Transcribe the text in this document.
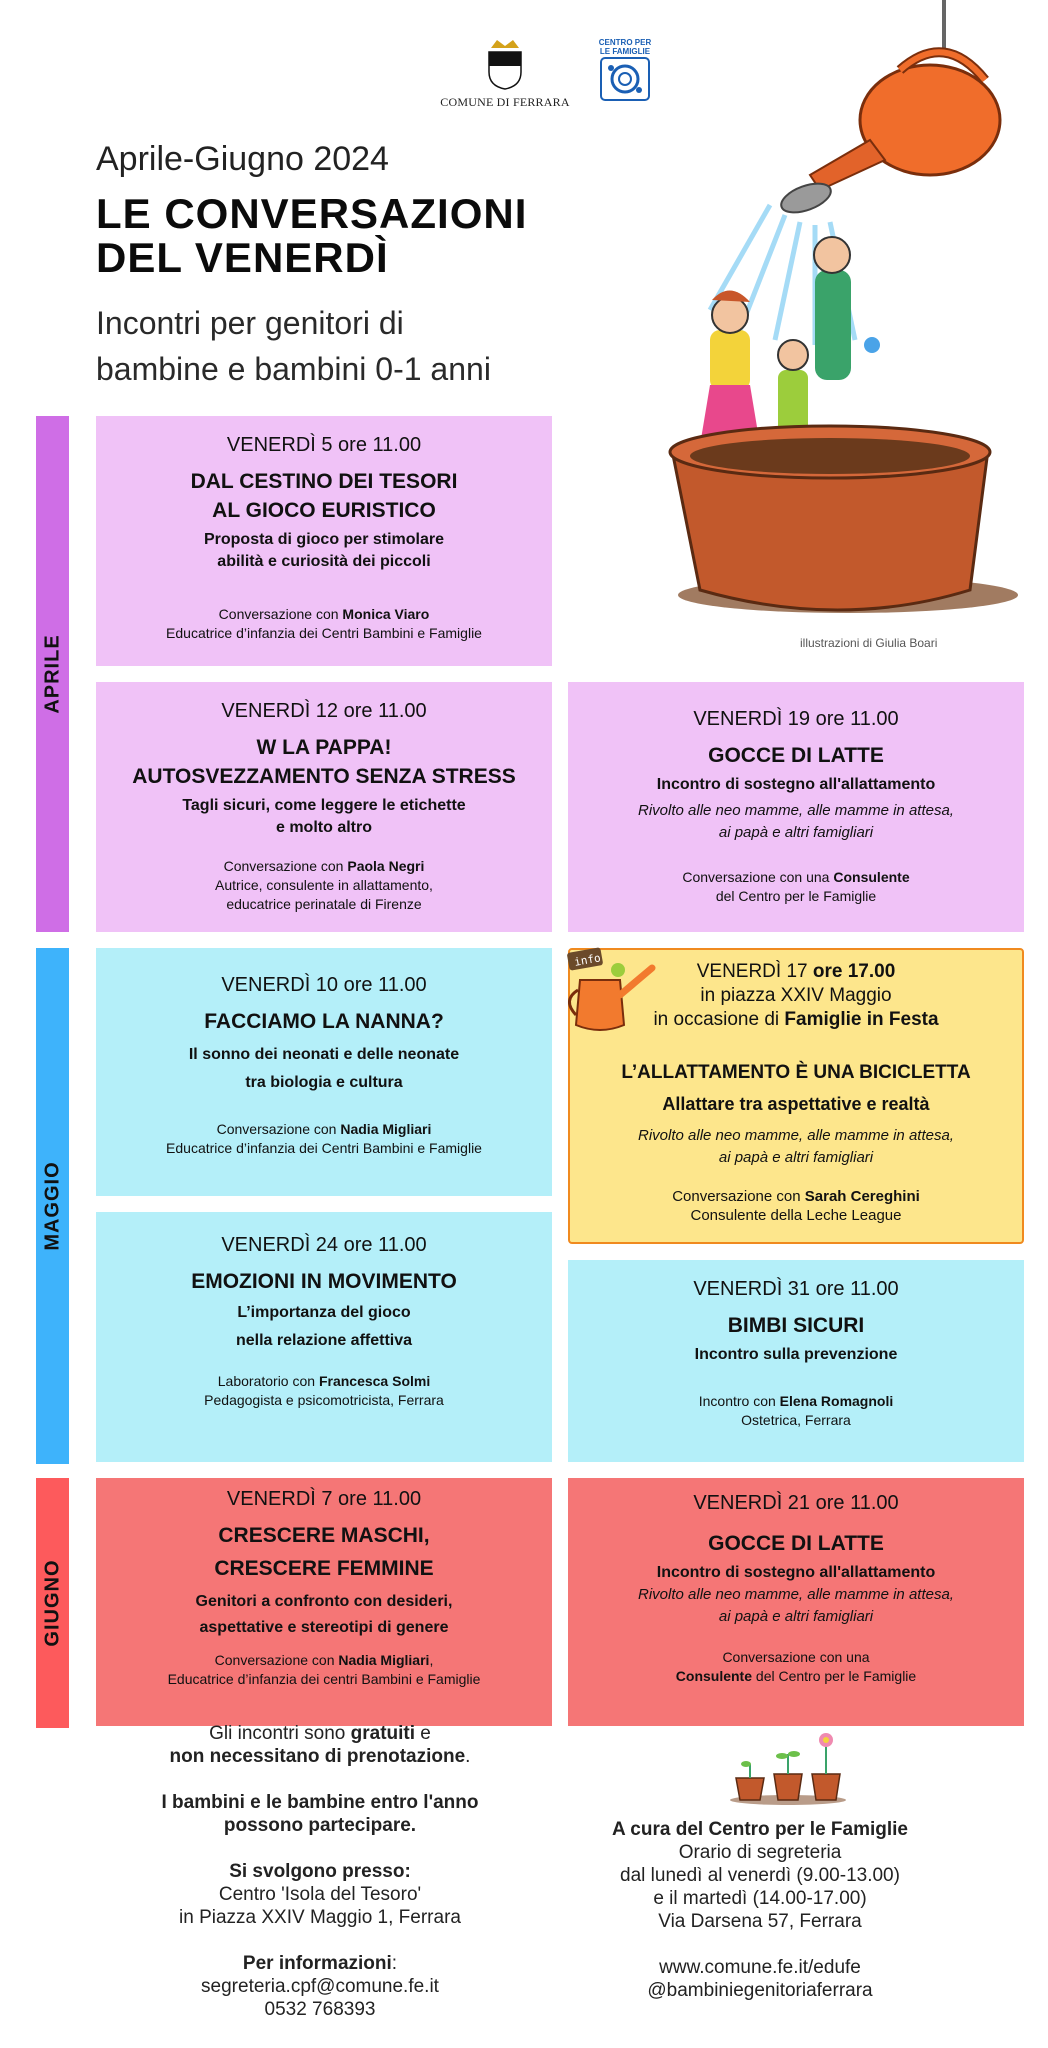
COMUNE DI FERRARA
CENTRO PER LE FAMIGLIE
Aprile-Giugno 2024
LE CONVERSAZIONI
DEL VENERDÌ
Incontri per genitori di
bambine e bambini 0-1 anni
illustrazioni di Giulia Boari
APRILE
MAGGIO
GIUGNO
VENERDÌ 5 ore 11.00
DAL CESTINO DEI TESORI
AL GIOCO EURISTICO
Proposta di gioco per stimolare
abilità e curiosità dei piccoli
Conversazione con Monica Viaro
Educatrice d’infanzia dei Centri Bambini e Famiglie
VENERDÌ 12 ore 11.00
W LA PAPPA!
AUTOSVEZZAMENTO SENZA STRESS
Tagli sicuri, come leggere le etichette
e molto altro
Conversazione con Paola Negri
Autrice, consulente in allattamento,
educatrice perinatale di Firenze
VENERDÌ 19 ore 11.00
GOCCE DI LATTE
Incontro di sostegno all'allattamento
Rivolto alle neo mamme, alle mamme in attesa,
ai papà e altri famigliari
Conversazione con una Consulente
del Centro per le Famiglie
VENERDÌ 10 ore 11.00
FACCIAMO LA NANNA?
Il sonno dei neonati e delle neonate
tra biologia e cultura
Conversazione con Nadia Migliari
Educatrice d’infanzia dei Centri Bambini e Famiglie
VENERDÌ 17 ore 17.00
in piazza XXIV Maggio
in occasione di Famiglie in Festa
L’ALLATTAMENTO È UNA BICICLETTA
Allattare tra aspettative e realtà
Rivolto alle neo mamme, alle mamme in attesa,
ai papà e altri famigliari
Conversazione con Sarah Cereghini
Consulente della Leche League
info
VENERDÌ 24 ore 11.00
EMOZIONI IN MOVIMENTO
L’importanza del gioco
nella relazione affettiva
Laboratorio con Francesca Solmi
Pedagogista e psicomotricista, Ferrara
VENERDÌ 31 ore 11.00
BIMBI SICURI
Incontro sulla prevenzione
Incontro con Elena Romagnoli
Ostetrica, Ferrara
VENERDÌ 7 ore 11.00
CRESCERE MASCHI,
CRESCERE FEMMINE
Genitori a confronto con desideri,
aspettative e stereotipi di genere
Conversazione con Nadia Migliari,
Educatrice d’infanzia dei centri Bambini e Famiglie
VENERDÌ 21 ore 11.00
GOCCE DI LATTE
Incontro di sostegno all'allattamento
Rivolto alle neo mamme, alle mamme in attesa,
ai papà e altri famigliari
Conversazione con una
Consulente del Centro per le Famiglie

Gli incontri sono gratuiti e
non necessitano di prenotazione.

I bambini e le bambine entro l'anno
possono partecipare.

Si svolgono presso:
Centro 'Isola del Tesoro'
in Piazza XXIV Maggio 1, Ferrara

Per informazioni:
segreteria.cpf@comune.fe.it
0532 768393

A cura del Centro per le Famiglie
Orario di segreteria
dal lunedì al venerdì (9.00-13.00)
e il martedì (14.00-17.00)
Via Darsena 57, Ferrara

www.comune.fe.it/edufe
@bambiniegenitoriaferrara
